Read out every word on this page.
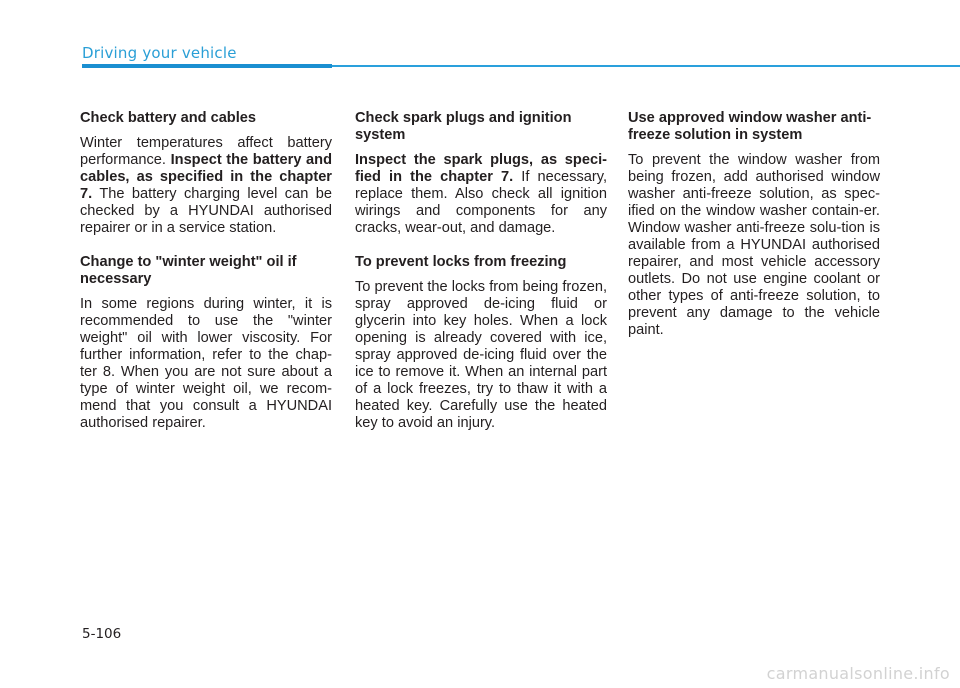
Driving your vehicle

Check battery and cables

Winter temperatures affect battery performance. Inspect the battery and cables, as specified in the chapter 7. The battery charging level can be checked by a HYUNDAI authorised repairer or in a service station.

Change to "winter weight" oil if necessary

In some regions during winter, it is recommended to use the "winter weight" oil with lower viscosity. For further information, refer to the chap-ter 8. When you are not sure about a type of winter weight oil, we recom-mend that you consult a HYUNDAI authorised repairer.

Check spark plugs and ignition system

Inspect the spark plugs, as speci-fied in the chapter 7. If necessary, replace them. Also check all ignition wirings and components for any cracks, wear-out, and damage.

To prevent locks from freezing

To prevent the locks from being frozen, spray approved de-icing fluid or glycerin into key holes. When a lock opening is already covered with ice, spray approved de-icing fluid over the ice to remove it. When an internal part of a lock freezes, try to thaw it with a heated key. Carefully use the heated key to avoid an injury.

Use approved window washer anti-freeze solution in system

To prevent the window washer from being frozen, add authorised window washer anti-freeze solution, as spec-ified on the window washer contain-er. Window washer anti-freeze solu-tion is available from a HYUNDAI authorised repairer, and most vehicle accessory outlets. Do not use engine coolant or other types of anti-freeze solution, to prevent any damage to the vehicle paint.

5-106
carmanualsonline.info
